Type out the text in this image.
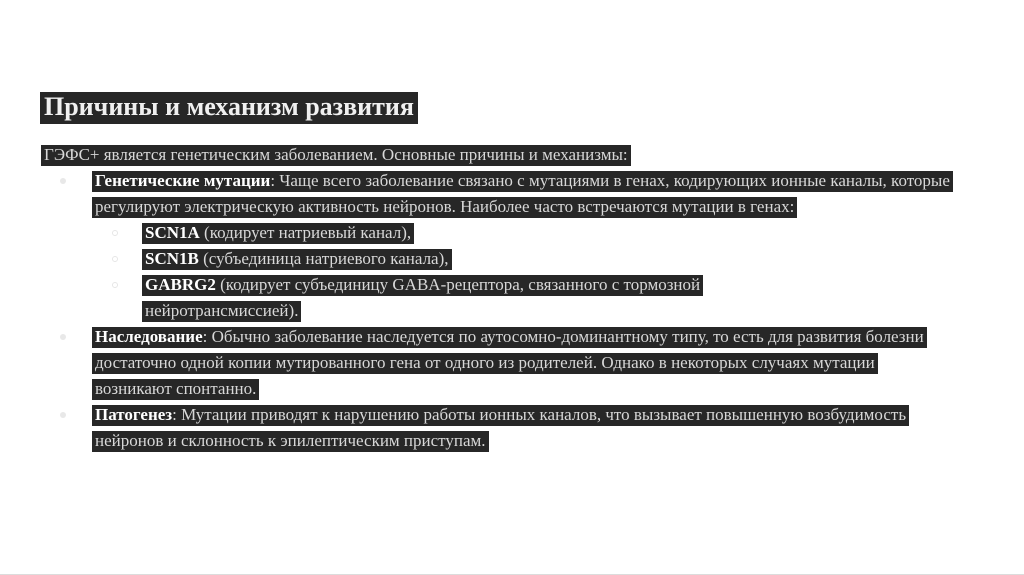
Причины и механизм развития

ГЭФС+ является генетическим заболеванием. Основные причины и механизмы:

Генетические мутации: Чаще всего заболевание связано с мутациями в генах, кодирующих ионные каналы, которые регулируют электрическую активность нейронов. Наиболее часто встречаются мутации в генах:
SCN1A (кодирует натриевый канал),
SCN1B (субъединица натриевого канала),
GABRG2 (кодирует субъединицу GABA-рецептора, связанного с тормозной нейротрансмиссией).
Наследование: Обычно заболевание наследуется по аутосомно-доминантному типу, то есть для развития болезни достаточно одной копии мутированного гена от одного из родителей. Однако в некоторых случаях мутации возникают спонтанно.
Патогенез: Мутации приводят к нарушению работы ионных каналов, что вызывает повышенную возбудимость нейронов и склонность к эпилептическим приступам.
